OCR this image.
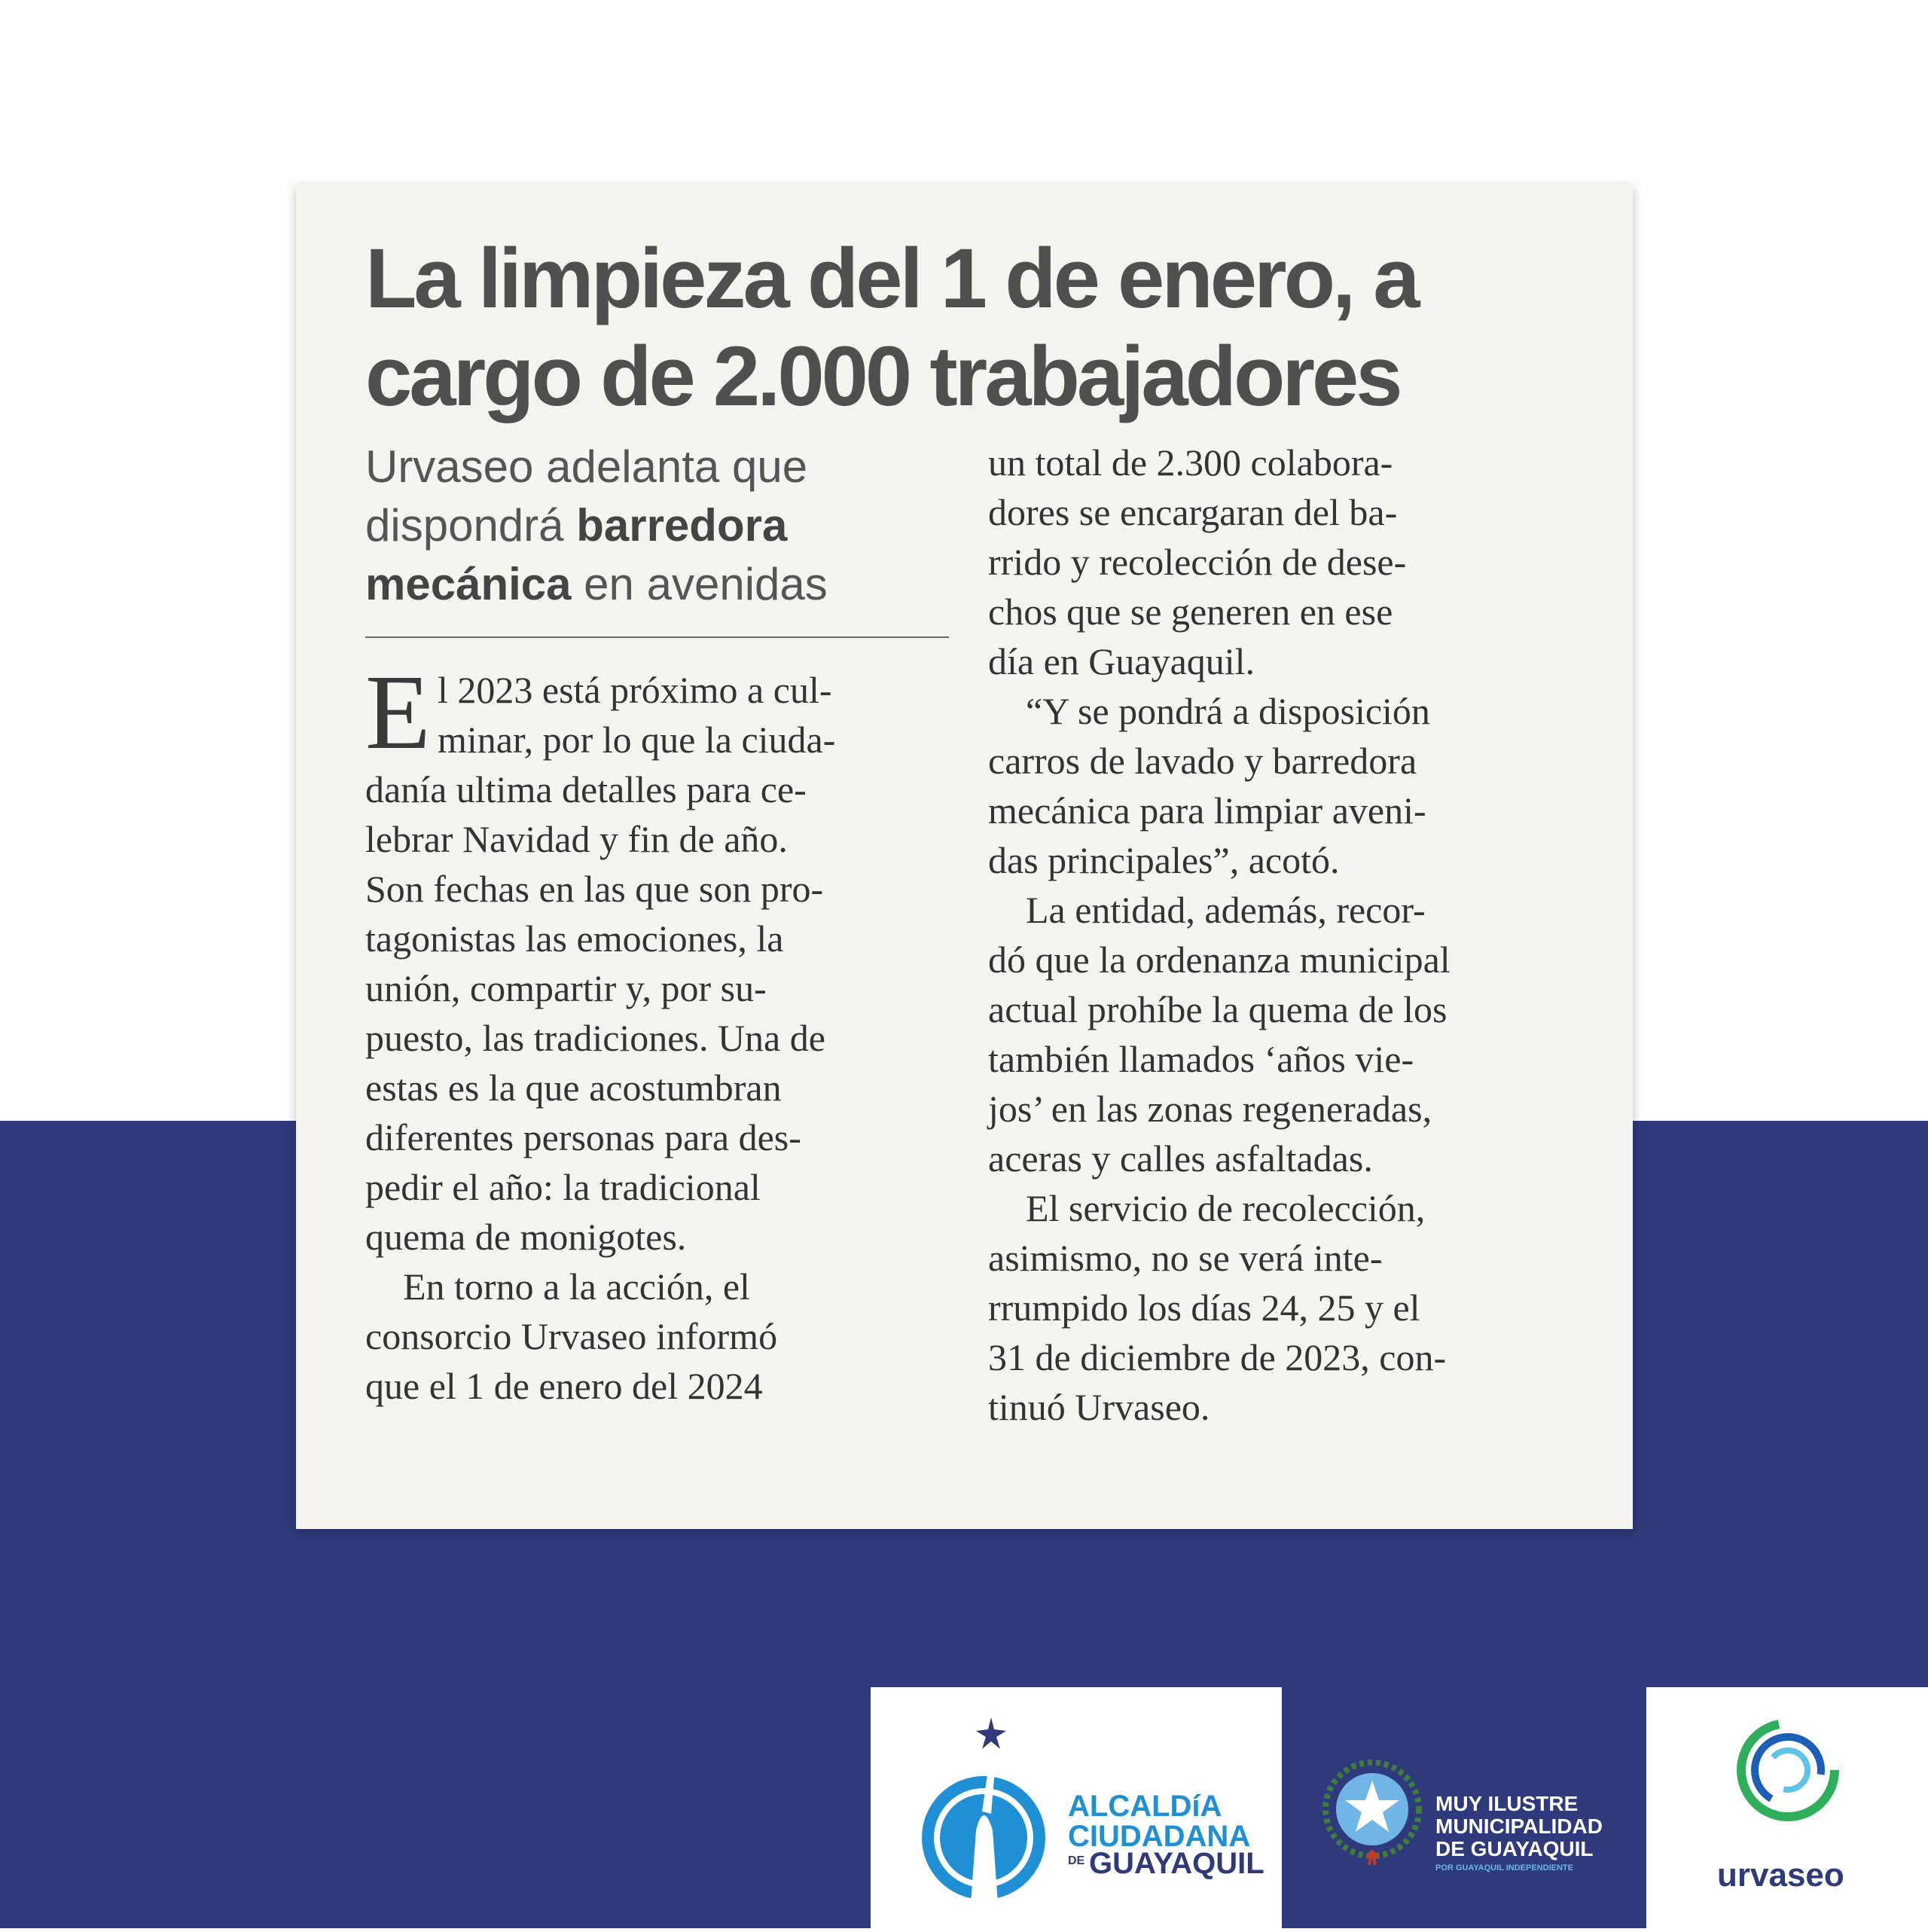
La limpieza del 1 de enero, a
cargo de 2.000 trabajadores
Urvaseo adelanta que
dispondrá barredora
mecánica en avenidas
E l 2023 está próximo a cul-

minar, por lo que la ciuda-

danía ultima detalles para ce-

lebrar Navidad y fin de año.

Son fechas en las que son pro-

tagonistas las emociones, la

unión, compartir y, por su-

puesto, las tradiciones. Una de

estas es la que acostumbran

diferentes personas para des-

pedir el año: la tradicional

quema de monigotes.

En torno a la acción, el

consorcio Urvaseo informó

que el 1 de enero del 2024

un total de 2.300 colabora-

dores se encargaran del ba-

rrido y recolección de dese-

chos que se generen en ese

día en Guayaquil.

“Y se pondrá a disposición

carros de lavado y barredora

mecánica para limpiar aveni-

das principales”, acotó.

La entidad, además, recor-

dó que la ordenanza municipal

actual prohíbe la quema de los

también llamados ‘años vie-

jos’ en las zonas regeneradas,

aceras y calles asfaltadas.

El servicio de recolección,

asimismo, no se verá inte-

rrumpido los días 24, 25 y el

31 de diciembre de 2023, con-

tinuó Urvaseo.

ALCALDíA
CIUDADANA
DE GUAYAQUIL
MUY ILUSTRE
MUNICIPALIDAD
DE GUAYAQUIL
POR GUAYAQUIL INDEPENDIENTE	urvaseo
